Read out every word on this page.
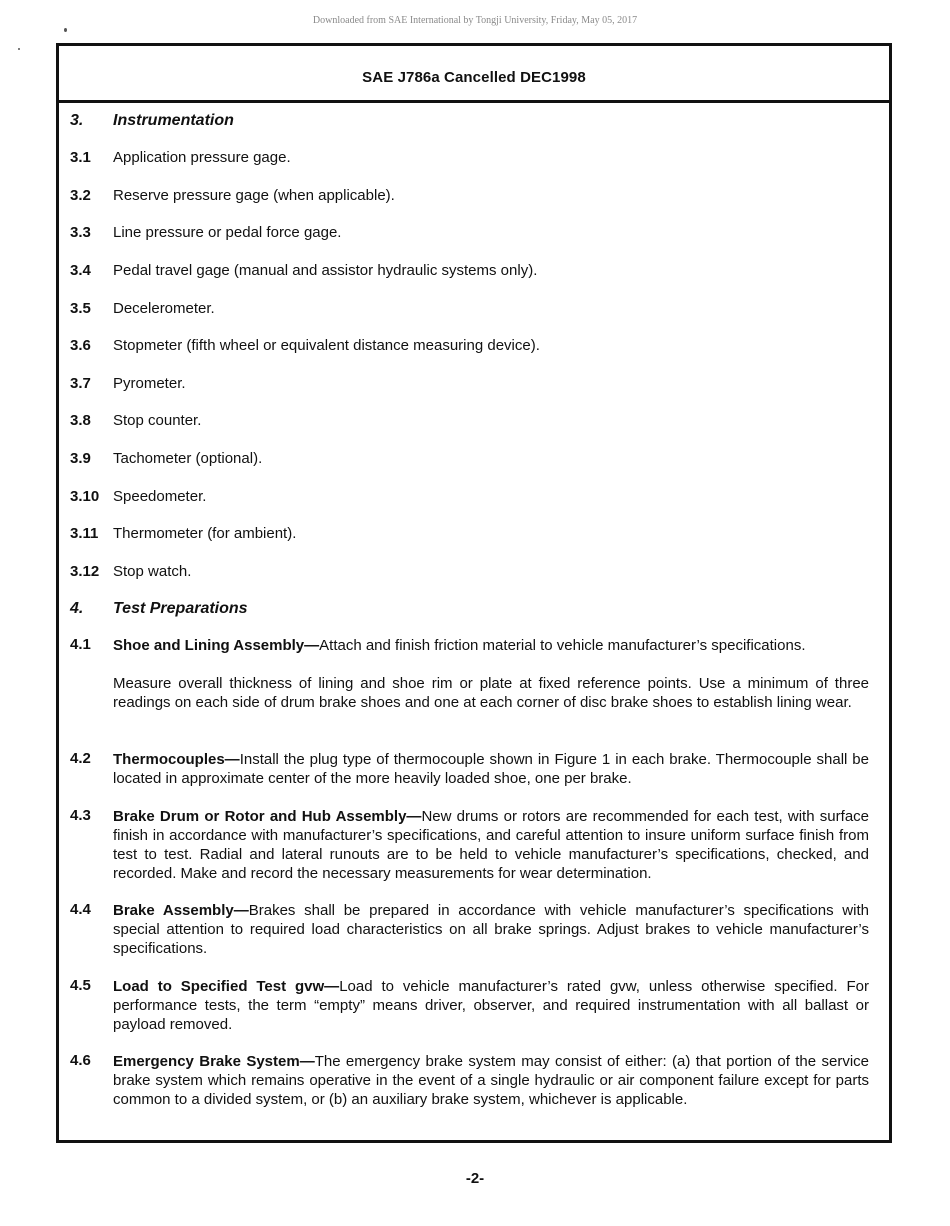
Downloaded from SAE International by Tongji University, Friday, May 05, 2017
SAE J786a Cancelled DEC1998
3.	Instrumentation
3.1	Application pressure gage.
3.2	Reserve pressure gage (when applicable).
3.3	Line pressure or pedal force gage.
3.4	Pedal travel gage (manual and assistor hydraulic systems only).
3.5	Decelerometer.
3.6	Stopmeter (fifth wheel or equivalent distance measuring device).
3.7	Pyrometer.
3.8	Stop counter.
3.9	Tachometer (optional).
3.10 Speedometer.
3.11 Thermometer (for ambient).
3.12 Stop watch.
4.	Test Preparations
4.1	Shoe and Lining Assembly—Attach and finish friction material to vehicle manufacturer’s specifications.
Measure overall thickness of lining and shoe rim or plate at fixed reference points. Use a minimum of three readings on each side of drum brake shoes and one at each corner of disc brake shoes to establish lining wear.
4.2	Thermocouples—Install the plug type of thermocouple shown in Figure 1 in each brake. Thermocouple shall be located in approximate center of the more heavily loaded shoe, one per brake.
4.3	Brake Drum or Rotor and Hub Assembly—New drums or rotors are recommended for each test, with surface finish in accordance with manufacturer’s specifications, and careful attention to insure uniform surface finish from test to test. Radial and lateral runouts are to be held to vehicle manufacturer’s specifications, checked, and recorded. Make and record the necessary measurements for wear determination.
4.4	Brake Assembly—Brakes shall be prepared in accordance with vehicle manufacturer’s specifications with special attention to required load characteristics on all brake springs. Adjust brakes to vehicle manufacturer’s specifications.
4.5	Load to Specified Test gvw—Load to vehicle manufacturer’s rated gvw, unless otherwise specified. For performance tests, the term “empty” means driver, observer, and required instrumentation with all ballast or payload removed.
4.6	Emergency Brake System—The emergency brake system may consist of either: (a) that portion of the service brake system which remains operative in the event of a single hydraulic or air component failure except for parts common to a divided system, or (b) an auxiliary brake system, whichever is applicable.
-2-
